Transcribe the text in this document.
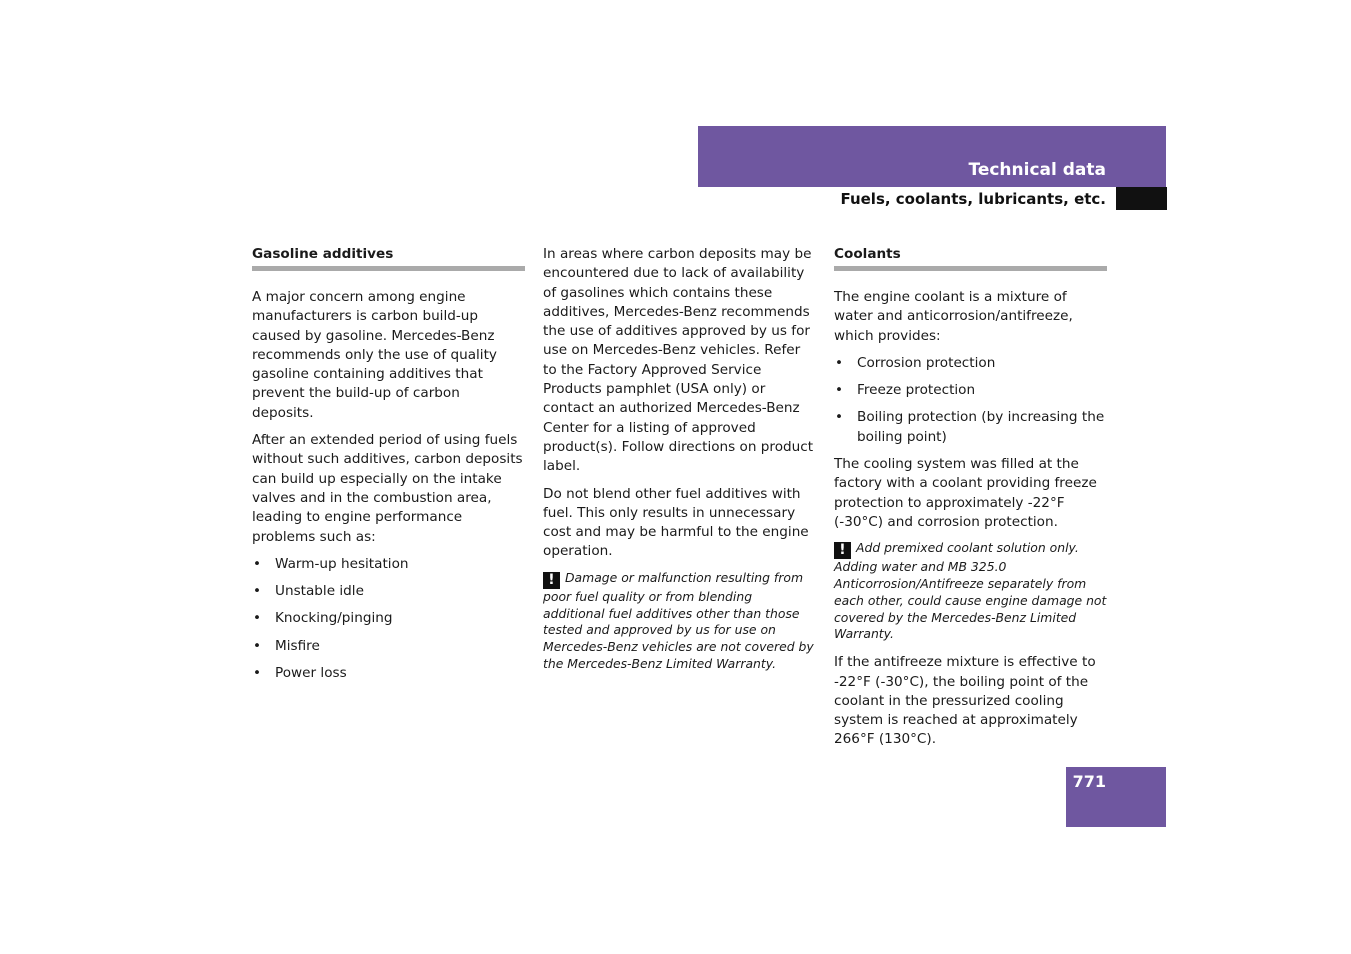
Technical data
Fuels, coolants, lubricants, etc.
Gasoline additives

A major concern among engine manufacturers is carbon build-up caused by gasoline. Mercedes-Benz recommends only the use of quality gasoline containing additives that prevent the build-up of carbon deposits.

After an extended period of using fuels without such additives, carbon deposits can build up especially on the intake valves and in the combustion area, leading to engine performance problems such as:

• Warm-up hesitation
• Unstable idle
• Knocking/pinging
• Misfire
• Power loss

In areas where carbon deposits may be encountered due to lack of availability of gasolines which contains these additives, Mercedes-Benz recommends the use of additives approved by us for use on Mercedes-Benz vehicles. Refer to the Factory Approved Service Products pamphlet (USA only) or contact an authorized Mercedes-Benz Center for a listing of approved product(s). Follow directions on product label.

Do not blend other fuel additives with fuel. This only results in unnecessary cost and may be harmful to the engine operation.

! Damage or malfunction resulting from poor fuel quality or from blending additional fuel additives other than those tested and approved by us for use on Mercedes-Benz vehicles are not covered by the Mercedes-Benz Limited Warranty.
Coolants

The engine coolant is a mixture of water and anticorrosion/antifreeze, which provides:

• Corrosion protection
• Freeze protection
• Boiling protection (by increasing the boiling point)

The cooling system was filled at the factory with a coolant providing freeze protection to approximately -22°F (-30°C) and corrosion protection.

! Add premixed coolant solution only. Adding water and MB 325.0 Anticorrosion/Antifreeze separately from each other, could cause engine damage not covered by the Mercedes-Benz Limited Warranty.

If the antifreeze mixture is effective to -22°F (-30°C), the boiling point of the coolant in the pressurized cooling system is reached at approximately 266°F (130°C).

771
